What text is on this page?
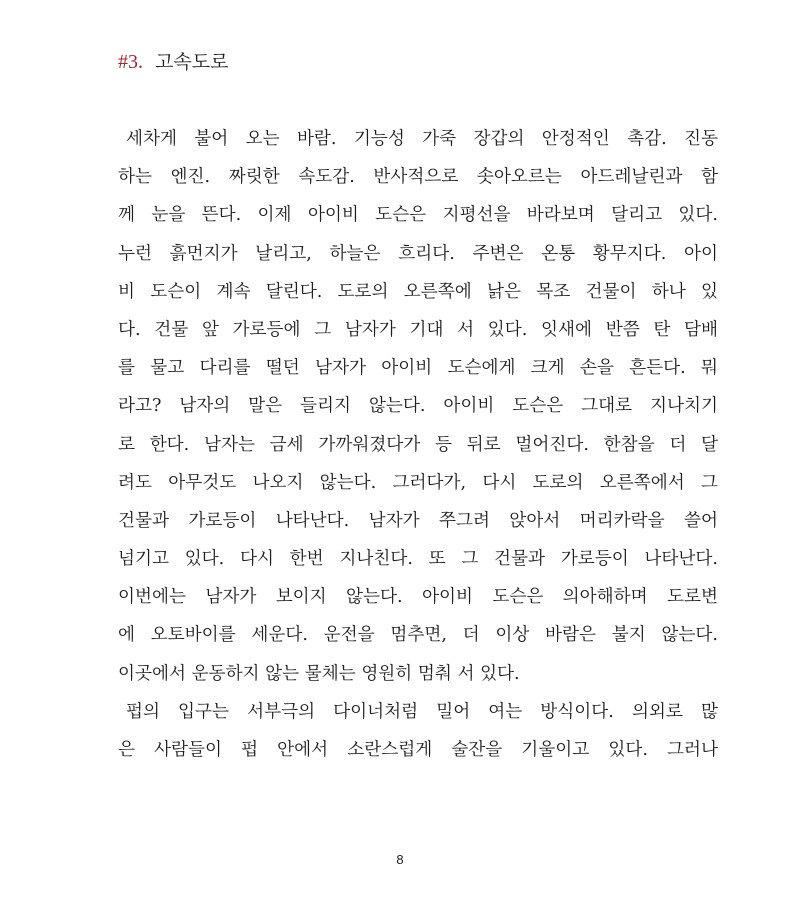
#3. 고속도로
세차게 불어 오는 바람. 기능성 가죽 장갑의 안정적인 촉감. 진동
하는 엔진. 짜릿한 속도감. 반사적으로 솟아오르는 아드레날린과 함
께 눈을 뜬다. 이제 아이비 도슨은 지평선을 바라보며 달리고 있다.
누런 흙먼지가 날리고, 하늘은 흐리다. 주변은 온통 황무지다. 아이
비 도슨이 계속 달린다. 도로의 오른쪽에 낡은 목조 건물이 하나 있
다. 건물 앞 가로등에 그 남자가 기대 서 있다. 잇새에 반쯤 탄 담배
를 물고 다리를 떨던 남자가 아이비 도슨에게 크게 손을 흔든다. 뭐
라고? 남자의 말은 들리지 않는다. 아이비 도슨은 그대로 지나치기
로 한다. 남자는 금세 가까워졌다가 등 뒤로 멀어진다. 한참을 더 달
려도 아무것도 나오지 않는다. 그러다가, 다시 도로의 오른쪽에서 그
건물과 가로등이 나타난다. 남자가 쭈그려 앉아서 머리카락을 쓸어
넘기고 있다. 다시 한번 지나친다. 또 그 건물과 가로등이 나타난다.
이번에는 남자가 보이지 않는다. 아이비 도슨은 의아해하며 도로변
에 오토바이를 세운다. 운전을 멈추면, 더 이상 바람은 불지 않는다.
이곳에서 운동하지 않는 물체는 영원히 멈춰 서 있다.
펍의 입구는 서부극의 다이너처럼 밀어 여는 방식이다. 의외로 많
은 사람들이 펍 안에서 소란스럽게 술잔을 기울이고 있다. 그러나
8
